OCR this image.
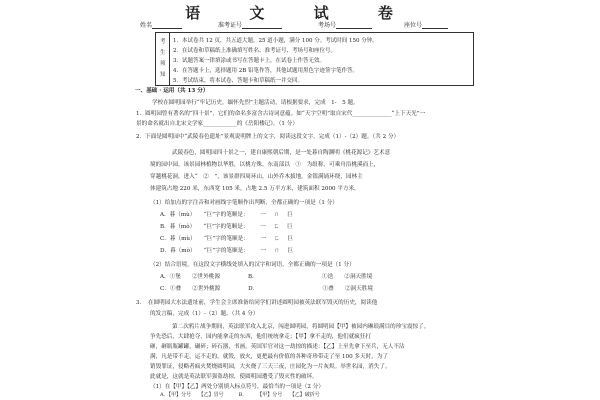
语 文 试 卷
姓名	准考证号	考场号	座位号
考
生
须
知
1．本试卷共 12 页，共五道大题，25 道小题，满分 100 分。考试时间 150 分钟。
2．在试卷和草稿纸上准确填写姓名、准考证号、考场号和座位号。
3．试题答案一律填涂或书写在答题卡上，在试卷上作答无效。
4．在答题卡上，选择题用 2B 铅笔作答，其他试题用黑色字迹签字笔作答。
5．考试结束，将本试卷、答题卡和草稿纸一并交回。
一、基础 · 运用（共 13 分）
学校在圆明园举行“牢记历史，缅怀先烈”主题活动，请根据要求，完成　1-　5 题。
1．圆明园曾有著名的“四十景”，它们的命名多富含古诗词意蕴。如“天宇空明”取自宋代______________“上下天光”一
景的命名就出自北宋文学家____________的《岳阳楼记》。（1 分）
2．下面是圆明园中“武陵春色遗址”景观说明牌上的文字，阅读这段文字，完成（1）-（2）题。（共 2 分）
武陵春色，圆明园四十景之一，建自康熙朝后期，是一处暮自陶渊明《桃花源记》艺术意
境的园中园。该景园林植物以华胜，以桃方殊。东南部以　①　为组称，可乘舟沿桃溪而上，
穿越桃花洞，进入“　②　”，该景群四周环山，山外乔木拔地，金银满诵环绕，园林主
体建筑占地 220 米，东西宽 105 米，占地 2.5 万平方米，建筑面积 2000 平方米。
（1）给加点的字注音和对画线字笔顺作出判断，全都正确的一项是（1 分）
A．暮（mù）　　“巨”字的笔顺是： 一 ㄇ 巨
B．暮（mò）　　“巨”字的笔顺是： 一 ㄈ 巨
C．暮（mù）　　“巨”字的笔顺是： 一 ㄈ 巨
D．暮（mò）　　“巨”字的笔顺是： 一 ㄇ 巨
（2）结合语境，在这段文字横线处填入的汉字和词语，全都正确的一项是（1 分）
A．①堡　　②世外桃源　　　　　B．　　　　　　　　　　　　①迭　　②洞天胜境
C．①叠　　②世外桃源　　　　　D．　　　　　　　　　　　　①叠　　②洞天胜境
3．　在圆明园大水法遗址前，学生会主席准备给同学们讲述圆明园被英法联军毁灭的历史，阅读他
的发言稿，完成（1）-（2）题。（共 4 分）
第二次鸦片战争期间，英法联军攻入北京，闯进圆明园，将圆明园【甲】被园内琳琅满目的珍宝震惊了。
争先恐后，大肆抢夺，园内能拿走的东西，他们统统拿走；【甲】拿不走的，他们就疯狂打
砸，砸瓶瓶罐罐，碾碎；碎石器，书画，英国军官对这一劫掠的描述：【乙】上至先拿下至兵，无人不沾
满，凡是带不走，运不走的，就毁，放火，更把最有价值的各种奇珍带走了至 100 多天时，为了
销毁罪证，侵略者疯火焚烧圆明园，大火烧了三天三夜，庄园化为一片灰烬。举世名园，消失了。
此就是，这就是英法联军强盗劫掠，使圆明园遭受了毁灭性的破坏。
（1）在【甲】【乙】两处分别填入标点符号，最恰当的一项是（2 分）
A．【甲】分号　　【乙】冒号　　　B．　　　【甲】分号　　【乙】破折号
